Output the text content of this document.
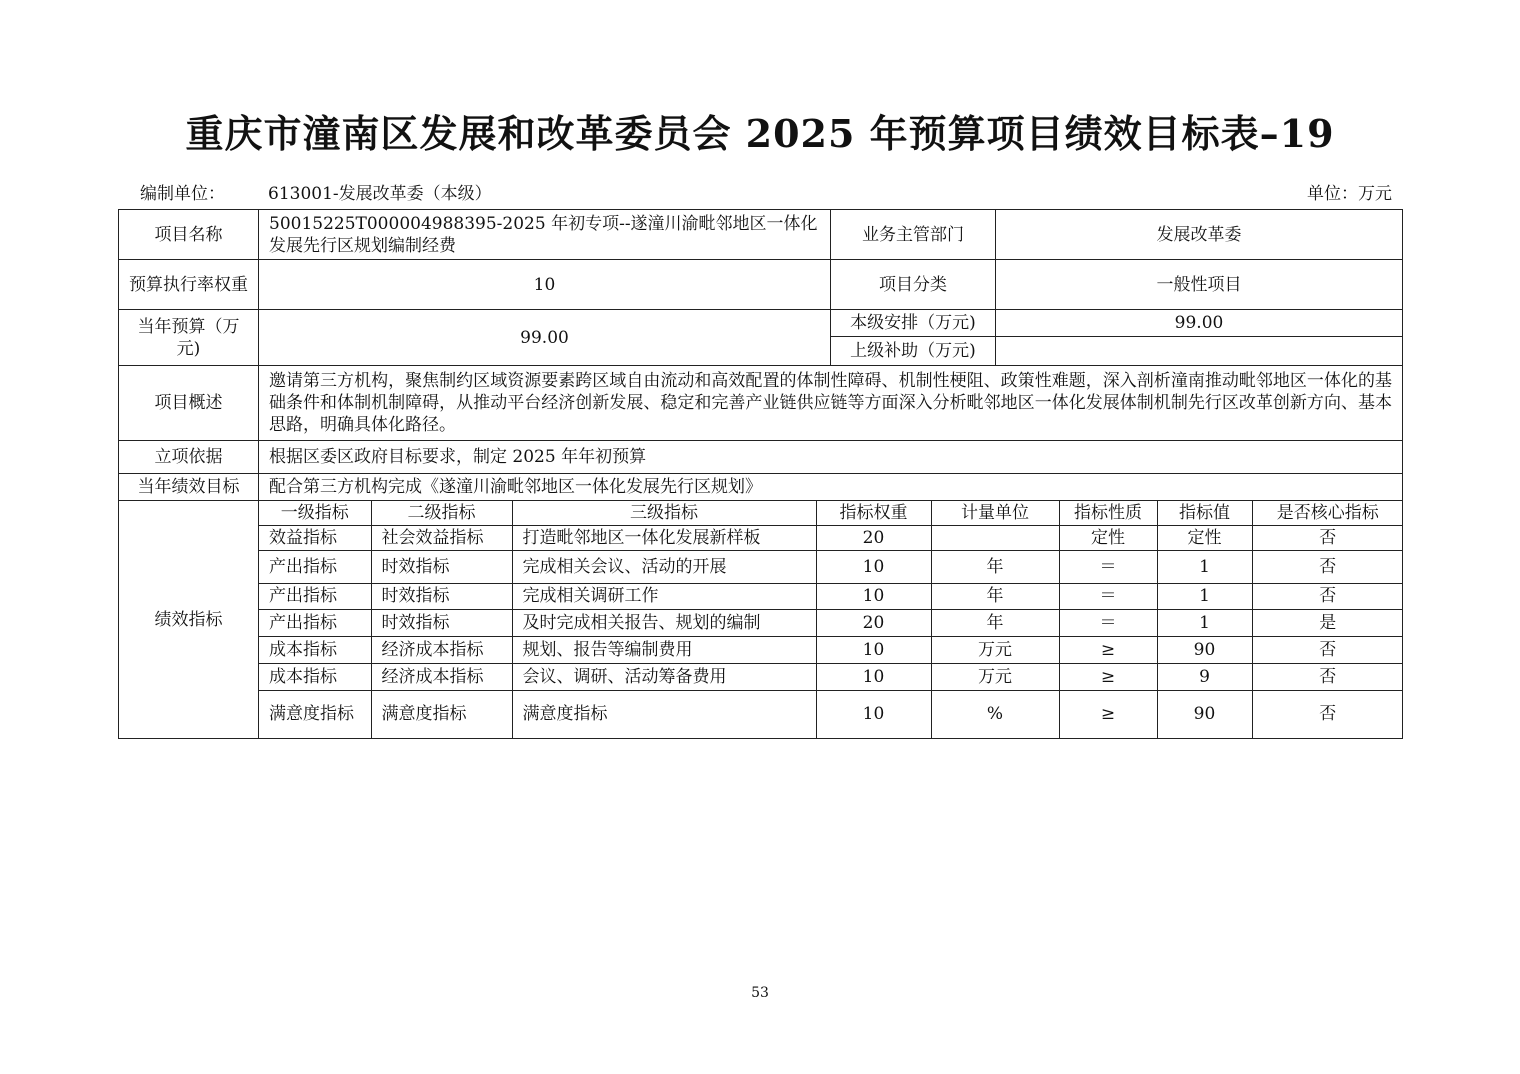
重庆市潼南区发展和改革委员会 2025 年预算项目绩效目标表–19
编制单位：	613001-发展改革委（本级）	单位：万元
项目名称	50015225T000004988395-2025 年初专项--遂潼川渝毗邻地区一体化发展先行区规划编制经费	业务主管部门	发展改革委
预算执行率权重	10	项目分类	一般性项目
当年预算（万元)	99.00	本级安排（万元)	99.00
上级补助（万元)	
项目概述	邀请第三方机构，聚焦制约区域资源要素跨区域自由流动和高效配置的体制性障碍、机制性梗阻、政策性难题，深入剖析潼南推动毗邻地区一体化的基础条件和体制机制障碍，从推动平台经济创新发展、稳定和完善产业链供应链等方面深入分析毗邻地区一体化发展体制机制先行区改革创新方向、基本思路，明确具体化路径。
立项依据	根据区委区政府目标要求，制定 2025 年年初预算
当年绩效目标	配合第三方机构完成《遂潼川渝毗邻地区一体化发展先行区规划》
绩效指标	
一级指标	二级指标	三级指标	指标权重	计量单位	指标性质	指标值	是否核心指标
效益指标	社会效益指标	打造毗邻地区一体化发展新样板	20		定性	定性	否
产出指标	时效指标	完成相关会议、活动的开展	10	年	＝	1	否
产出指标	时效指标	完成相关调研工作	10	年	＝	1	否
产出指标	时效指标	及时完成相关报告、规划的编制	20	年	＝	1	是
成本指标	经济成本指标	规划、报告等编制费用	10	万元	≥	90	否
成本指标	经济成本指标	会议、调研、活动筹备费用	10	万元	≥	9	否
满意度指标	满意度指标	满意度指标	10	%	≥	90	否
53
